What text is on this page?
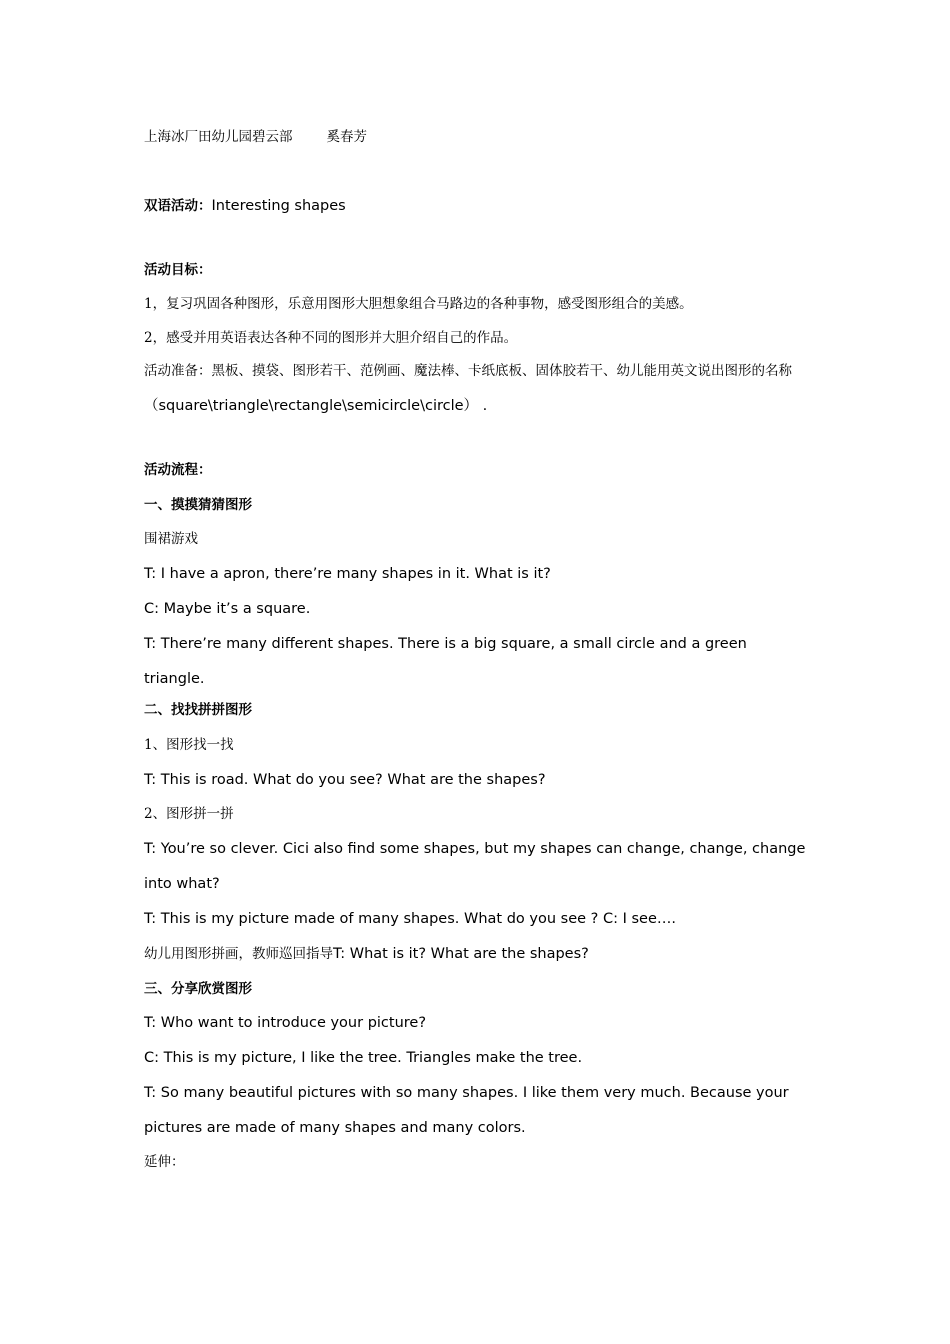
上海冰厂田幼儿园碧云部	奚春芳
双语活动：Interesting shapes
活动目标：
1，复习巩固各种图形，乐意用图形大胆想象组合马路边的各种事物，感受图形组合的美感。
2，感受并用英语表达各种不同的图形并大胆介绍自己的作品。
活动准备：黑板、摸袋、图形若干、范例画、魔法棒、卡纸底板、固体胶若干、幼儿能用英文说出图形的名称
（square\triangle\rectangle\semicircle\circle） .
活动流程：
一、摸摸猜猜图形
围裙游戏
T: I have a apron, there’re many shapes in it. What is it?
C: Maybe it’s a square.
T: There’re many different shapes. There is a big square, a small circle and a green
triangle.
二、找找拼拼图形
1、图形找一找
T: This is road. What do you see? What are the shapes?
2、图形拼一拼
T: You’re so clever. Cici also find some shapes, but my shapes can change, change, change
into what?
T: This is my picture made of many shapes. What do you see ? C: I see….
幼儿用图形拼画，教师巡回指导T: What is it? What are the shapes?
三、分享欣赏图形
T: Who want to introduce your picture?
C: This is my picture, I like the tree. Triangles make the tree.
T: So many beautiful pictures with so many shapes. I like them very much. Because your
pictures are made of many shapes and many colors.
延伸：
